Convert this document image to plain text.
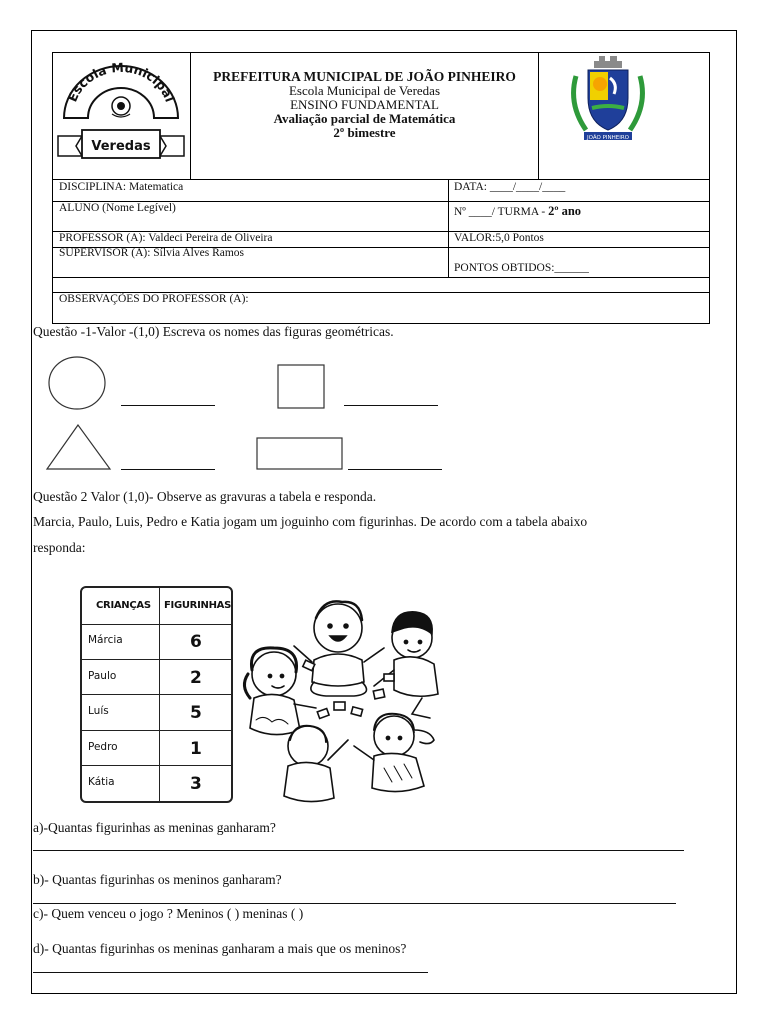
Escola Municipal
Veredas
PREFEITURA MUNICIPAL DE JOÃO PINHEIRO
Escola Municipal de Veredas
ENSINO FUNDAMENTAL
Avaliação parcial de Matemática
2º bimestre	JOÃO PINHEIRO
DISCIPLINA: Matematica	DATA: ____/____/____
ALUNO (Nome Legível)	Nº ____/ TURMA - 2º ano
PROFESSOR (A): Valdeci Pereira de Oliveira	VALOR:5,0 Pontos
SUPERVISOR (A): Sílvia Alves Ramos
PONTOS OBTIDOS:______
OBSERVAÇÕES DO PROFESSOR (A):
Questão -1-Valor -(1,0) Escreva os nomes das figuras geométricas.
Questão 2 Valor (1,0)- Observe as gravuras a tabela e responda.
Marcia, Paulo, Luis, Pedro e Katia jogam um joguinho com figurinhas. De acordo com a tabela abaixo
responda:
CRIANÇAS FIGURINHAS
Márcia	6
Paulo	2
Luís	5
Pedro	1
Kátia	3
a)-Quantas figurinhas as meninas ganharam?
b)- Quantas figurinhas os meninos ganharam?
c)- Quem venceu o jogo ? Meninos ( ) meninas ( )
d)- Quantas figurinhas os meninas ganharam a mais que os meninos?
